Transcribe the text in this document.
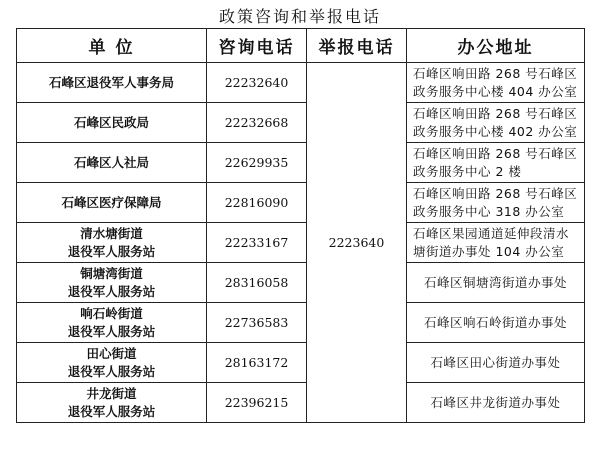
政策咨询和举报电话
单 位	咨询电话	举报电话	办公地址

石峰区退役军人事务局	22232640	2223640	石峰区响田路 268 号石峰区
政务服务中心楼 404 办公室

石峰区民政局	22232668		石峰区响田路 268 号石峰区
政务服务中心楼 402 办公室

石峰区人社局	22629935		石峰区响田路 268 号石峰区
政务服务中心 2 楼

石峰区医疗保障局	22816090		石峰区响田路 268 号石峰区
政务服务中心 318 办公室

清水塘街道
退役军人服务站	22233167		石峰区果园通道延伸段清水
塘街道办事处 104 办公室

铜塘湾街道
退役军人服务站	28316058		石峰区铜塘湾街道办事处

响石岭街道
退役军人服务站	22736583		石峰区响石岭街道办事处

田心街道
退役军人服务站	28163172		石峰区田心街道办事处

井龙街道
退役军人服务站	22396215		石峰区井龙街道办事处
